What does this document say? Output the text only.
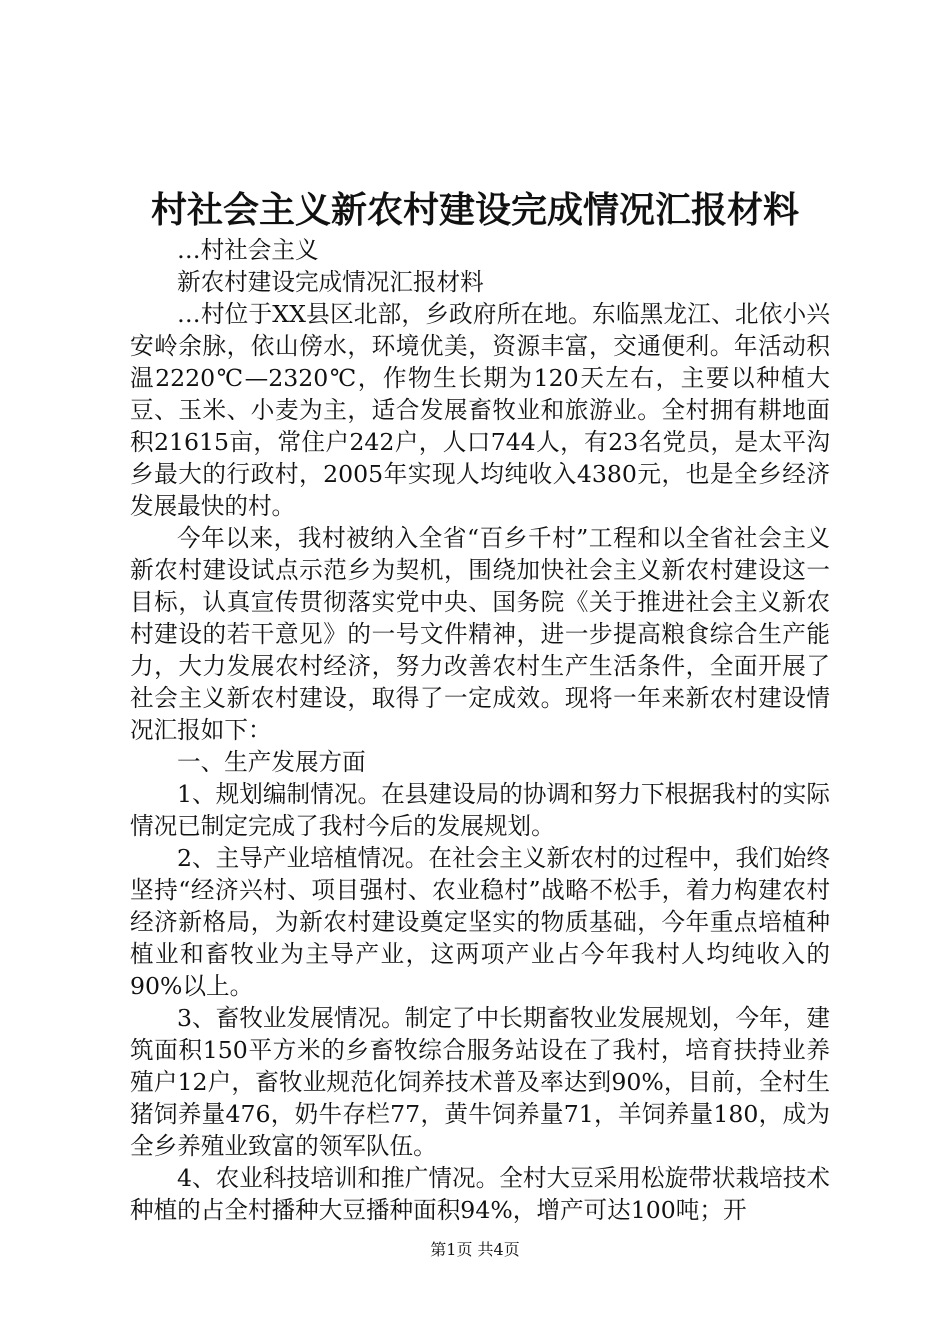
村社会主义新农村建设完成情况汇报材料

…村社会主义

新农村建设完成情况汇报材料

…村位于XX县区北部，乡政府所在地。东临黑龙江、北依小兴安岭余脉，依山傍水，环境优美，资源丰富，交通便利。年活动积温2220℃—2320℃，作物生长期为120天左右，主要以种植大豆、玉米、小麦为主，适合发展畜牧业和旅游业。全村拥有耕地面积21615亩，常住户242户，人口744人，有23名党员，是太平沟乡最大的行政村，2005年实现人均纯收入4380元，也是全乡经济发展最快的村。

今年以来，我村被纳入全省“百乡千村”工程和以全省社会主义新农村建设试点示范乡为契机，围绕加快社会主义新农村建设这一目标，认真宣传贯彻落实党中央、国务院《关于推进社会主义新农村建设的若干意见》的一号文件精神，进一步提高粮食综合生产能力，大力发展农村经济，努力改善农村生产生活条件，全面开展了社会主义新农村建设，取得了一定成效。现将一年来新农村建设情况汇报如下：

一、生产发展方面

1、规划编制情况。在县建设局的协调和努力下根据我村的实际情况已制定完成了我村今后的发展规划。

2、主导产业培植情况。在社会主义新农村的过程中，我们始终坚持“经济兴村、项目强村、农业稳村”战略不松手，着力构建农村经济新格局，为新农村建设奠定坚实的物质基础，今年重点培植种植业和畜牧业为主导产业，这两项产业占今年我村人均纯收入的90%以上。

3、畜牧业发展情况。制定了中长期畜牧业发展规划，今年，建筑面积150平方米的乡畜牧综合服务站设在了我村，培育扶持业养殖户12户，畜牧业规范化饲养技术普及率达到90%，目前，全村生猪饲养量476，奶牛存栏77，黄牛饲养量71，羊饲养量180，成为全乡养殖业致富的领军队伍。

4、农业科技培训和推广情况。全村大豆采用松旋带状栽培技术种植的占全村播种大豆播种面积94%，增产可达100吨；开

第1页 共4页
